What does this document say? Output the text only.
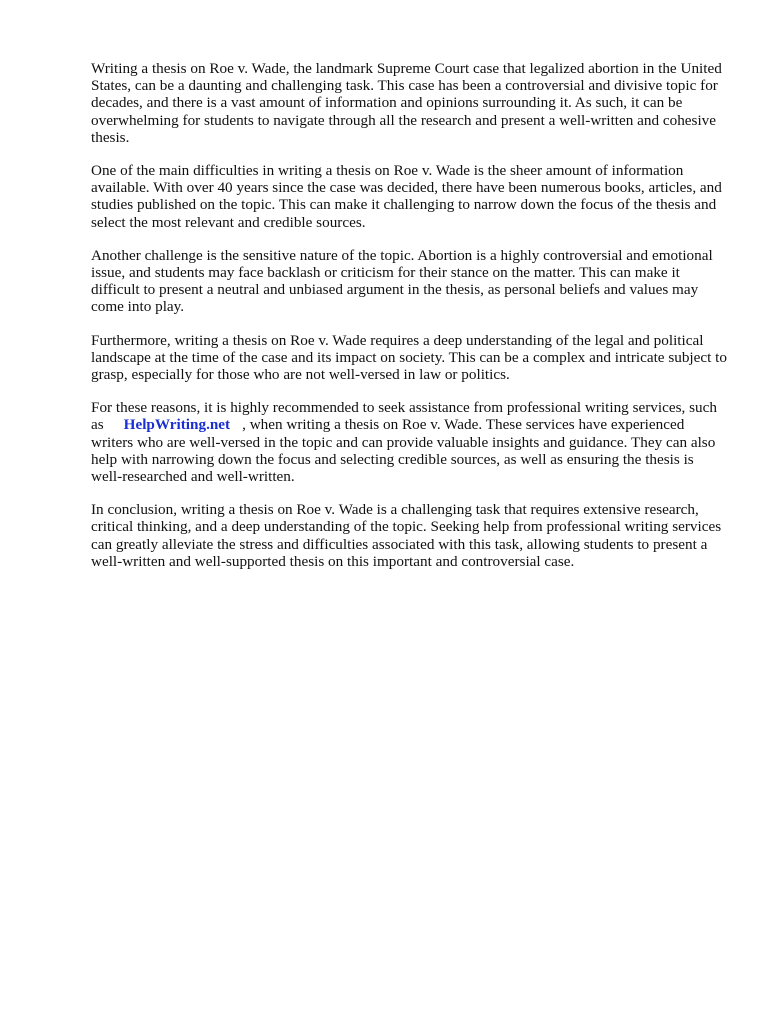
Writing a thesis on Roe v. Wade, the landmark Supreme Court case that legalized abortion in the United States, can be a daunting and challenging task. This case has been a controversial and divisive topic for decades, and there is a vast amount of information and opinions surrounding it. As such, it can be overwhelming for students to navigate through all the research and present a well-written and cohesive thesis.

One of the main difficulties in writing a thesis on Roe v. Wade is the sheer amount of information available. With over 40 years since the case was decided, there have been numerous books, articles, and studies published on the topic. This can make it challenging to narrow down the focus of the thesis and select the most relevant and credible sources.

Another challenge is the sensitive nature of the topic. Abortion is a highly controversial and emotional issue, and students may face backlash or criticism for their stance on the matter. This can make it difficult to present a neutral and unbiased argument in the thesis, as personal beliefs and values may come into play.

Furthermore, writing a thesis on Roe v. Wade requires a deep understanding of the legal and political landscape at the time of the case and its impact on society. This can be a complex and intricate subject to grasp, especially for those who are not well-versed in law or politics.

For these reasons, it is highly recommended to seek assistance from professional writing services, such as HelpWriting.net , when writing a thesis on Roe v. Wade. These services have experienced writers who are well-versed in the topic and can provide valuable insights and guidance. They can also help with narrowing down the focus and selecting credible sources, as well as ensuring the thesis is well-researched and well-written.

In conclusion, writing a thesis on Roe v. Wade is a challenging task that requires extensive research, critical thinking, and a deep understanding of the topic. Seeking help from professional writing services can greatly alleviate the stress and difficulties associated with this task, allowing students to present a well-written and well-supported thesis on this important and controversial case.
